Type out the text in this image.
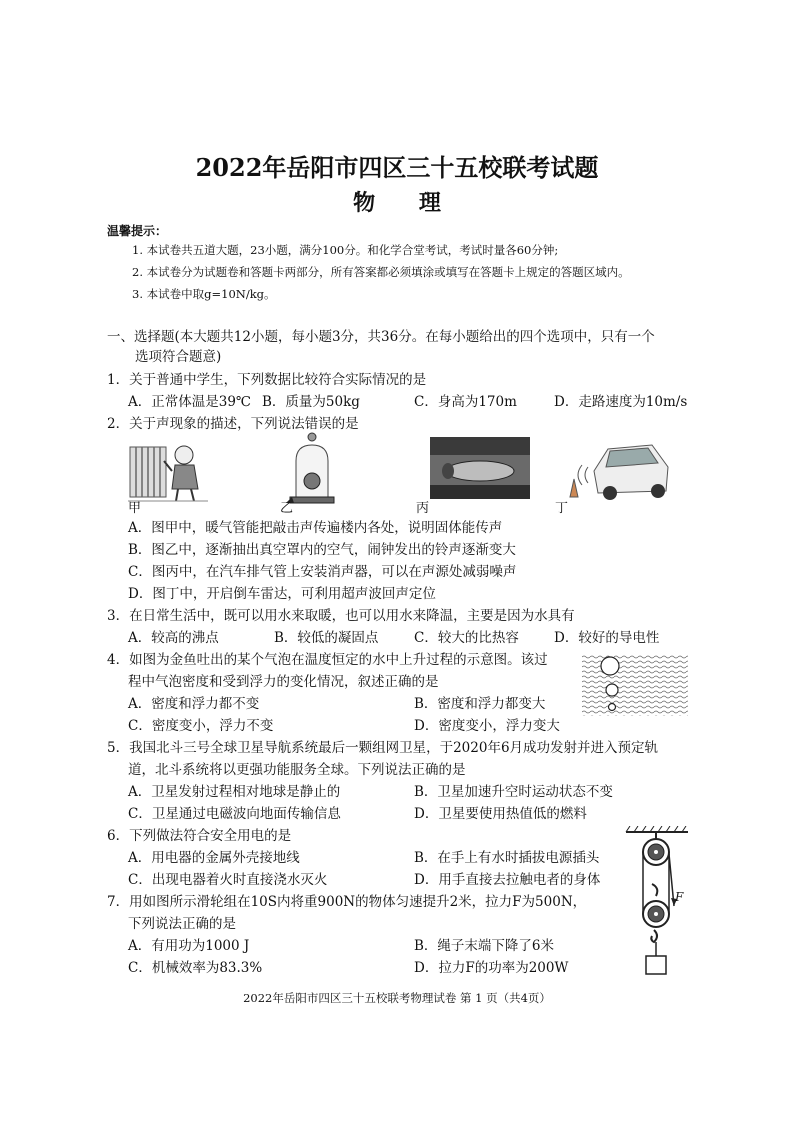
2022年岳阳市四区三十五校联考试题
物 理
温馨提示：
1. 本试卷共五道大题，23小题，满分100分。和化学合堂考试，考试时量各60分钟;
2. 本试卷分为试题卷和答题卡两部分，所有答案都必须填涂或填写在答题卡上规定的答题区域内。
3. 本试卷中取g=10N/kg。
一、选择题(本大题共12小题，每小题3分，共36分。在每小题给出的四个选项中，只有一个
选项符合题意)
1．关于普通中学生，下列数据比较符合实际情况的是
A．正常体温是39℃ B．质量为50kg	C．身高为170m	D．走路速度为10m/s
2．关于声现象的描述，下列说法错误的是
甲	乙	丙	丁
A．图甲中，暖气管能把敲击声传遍楼内各处，说明固体能传声
B．图乙中，逐渐抽出真空罩内的空气，闹钟发出的铃声逐渐变大
C．图丙中，在汽车排气管上安装消声器，可以在声源处减弱噪声
D．图丁中，开启倒车雷达，可利用超声波回声定位
3．在日常生活中，既可以用水来取暖，也可以用水来降温，主要是因为水具有
A．较高的沸点	B．较低的凝固点	C．较大的比热容	D．较好的导电性
4．如图为金鱼吐出的某个气泡在温度恒定的水中上升过程的示意图。该过
程中气泡密度和受到浮力的变化情况，叙述正确的是
A．密度和浮力都不变	B．密度和浮力都变大
C．密度变小，浮力不变	D．密度变小，浮力变大
5．我国北斗三号全球卫星导航系统最后一颗组网卫星，于2020年6月成功发射并进入预定轨
道，北斗系统将以更强功能服务全球。下列说法正确的是
A．卫星发射过程相对地球是静止的	B．卫星加速升空时运动状态不变
C．卫星通过电磁波向地面传输信息	D．卫星要使用热值低的燃料
6．下列做法符合安全用电的是
A．用电器的金属外壳接地线	B．在手上有水时插拔电源插头
C．出现电器着火时直接浇水灭火	D．用手直接去拉触电者的身体
7．用如图所示滑轮组在10S内将重900N的物体匀速提升2米，拉力F为500N，
下列说法正确的是
A．有用功为1000 J	B．绳子末端下降了6米
C．机械效率为83.3%	D．拉力F的功率为200W
F
2022年岳阳市四区三十五校联考物理试卷 第 1 页（共4页）
